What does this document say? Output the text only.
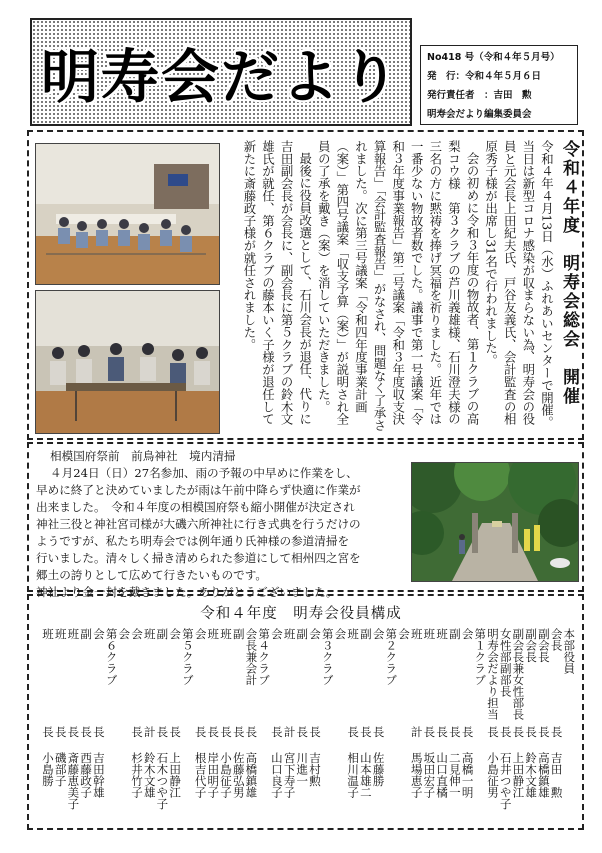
明寿会だより	No418 号（令和４年５月号）
発　行：令和４年５月６日
発行責任者　：吉田　勲
明寿会だより編集委員会
令和４年度　明寿会総会　開催

令和４年４月13日（水）ふれあいセンターで開催。当日は新型コロナ感染が収まらない為、明寿会の役員と元会長上田紀夫氏、戸谷友義氏、会計監査の相原秀子様が出席し31名で行われました。

会の初めに令和３年度の物故者、第１クラブの高梨コウ様　第３クラブの芦川義雄様、石川澄夫様の三名の方に黙祷を捧げ冥福を祈りました。近年では一番少ない物故者数でした。議事で第一号議案「令和３年度事業報告」第二号議案「令和３年度収支決算報告」「会計監査報告」がなされ、問題なく了承されました。次に第三号議案「令和四年度事業計画（案）」第四号議案「収支予算（案）」が説明され全員の了承を戴き（案）を消していただきました。

最後に役員改選として、石川会長が退任、代りに吉田副会長が会長に、副会長に第５クラブの鈴木文雄氏が就任、第６クラブの藤本いく子様が退任して新たに斎藤政子様が就任されました。

相模国府祭前　前鳥神社　境内清掃

４月24日（日）27名参加、雨の予報の中早めに作業をし、

早めに終了と決めていましたが雨は午前中降らず快適に作業が

出来ました。　令和４年度の相模国府祭も縮小開催が決定され

神社三役と神社宮司様が大磯六所神社に行き式典を行うだけの

ようですが、私たち明寿会では例年通り氏神様の参道清掃を

行いました。清々しく掃き清められた参道にして相州四之宮を

郷土の誇りとして広めて行きたいものです。

神社より金一封を戴きました。ありがとうございました。

令和４年度　明寿会役員構成
本部役員
会長
長
吉田　勲
副会長
長
高橋鎮雄
副会長
長
鈴木文雄
副会長兼女性部長
長
上田静江
女性部副部長
長
石井つや子
明寿会だより担当
長
小島征男
第１クラブ
会
長
高橋一明
副
長
二見伸一
班
長
山口直橘
班
長
坂田宏子
班
計
馬場恵子
会
第２クラブ
会
長
佐藤勝
副
長
山本雄二
班
長
相川温子
会
第３クラブ
会
長
吉村勲
副
長
川進一
班
計
宮下寿子
会
長
山口良子
第４クラブ
会長兼会計
長
高橋鎮雄
副
長
佐藤弘男
班
長
小島征子
班
長
岸田明子
会
長
根吉代子
第５クラブ
会
長
上田静江
副
長
石木つや子
班
計
鈴木文雄
会
長
杉井竹子
会
第６クラブ
会
長
吉田幹雄
副
長
西藤政子
班
長
斎藤恵美子
班
長
磯部子
班
長
小島勝
